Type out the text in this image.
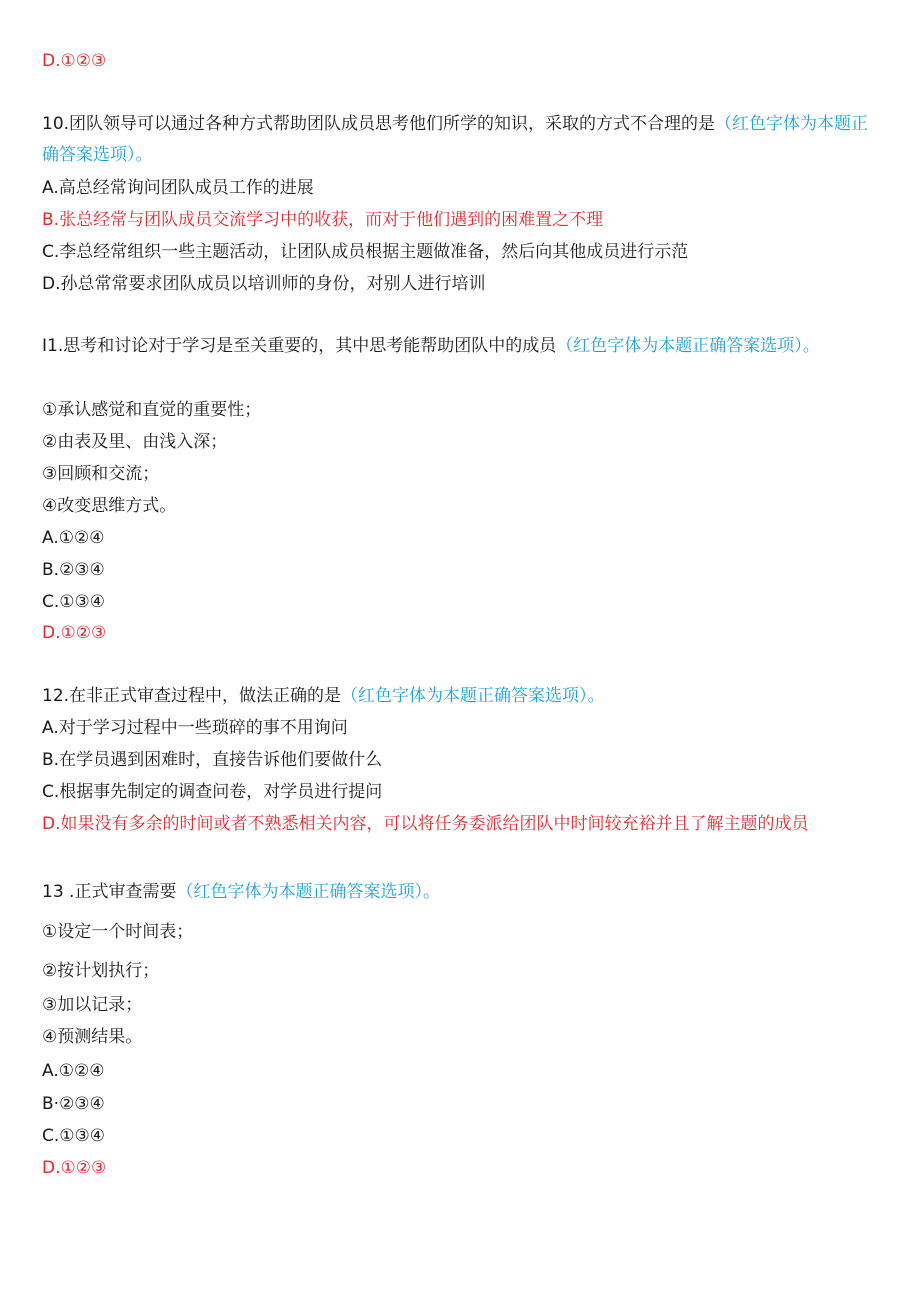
D.①②③

10.团队领导可以通过各种方式帮助团队成员思考他们所学的知识，采取的方式不合理的是（红色字体为本题正确答案选项）。

A.高总经常询问团队成员工作的进展

B.张总经常与团队成员交流学习中的收获，而对于他们遇到的困难置之不理

C.李总经常组织一些主题活动，让团队成员根据主题做准备，然后向其他成员进行示范

D.孙总常常要求团队成员以培训师的身份，对别人进行培训

I1.思考和讨论对于学习是至关重要的，其中思考能帮助团队中的成员（红色字体为本题正确答案选项）。

①承认感觉和直觉的重要性；

②由表及里、由浅入深；

③回顾和交流；

④改变思维方式。

A.①②④

B.②③④

C.①③④

D.①②③

12.在非正式审查过程中，做法正确的是（红色字体为本题正确答案选项）。

A.对于学习过程中一些琐碎的事不用询问

B.在学员遇到困难时，直接告诉他们要做什么

C.根据事先制定的调查问卷，对学员进行提问

D.如果没有多余的时间或者不熟悉相关内容，可以将任务委派给团队中时间较充裕并且了解主题的成员

13 .正式审查需要（红色字体为本题正确答案选项）。

①设定一个时间表；

②按计划执行；

③加以记录；

④预测结果。

A.①②④

B·②③④

C.①③④

D.①②③
